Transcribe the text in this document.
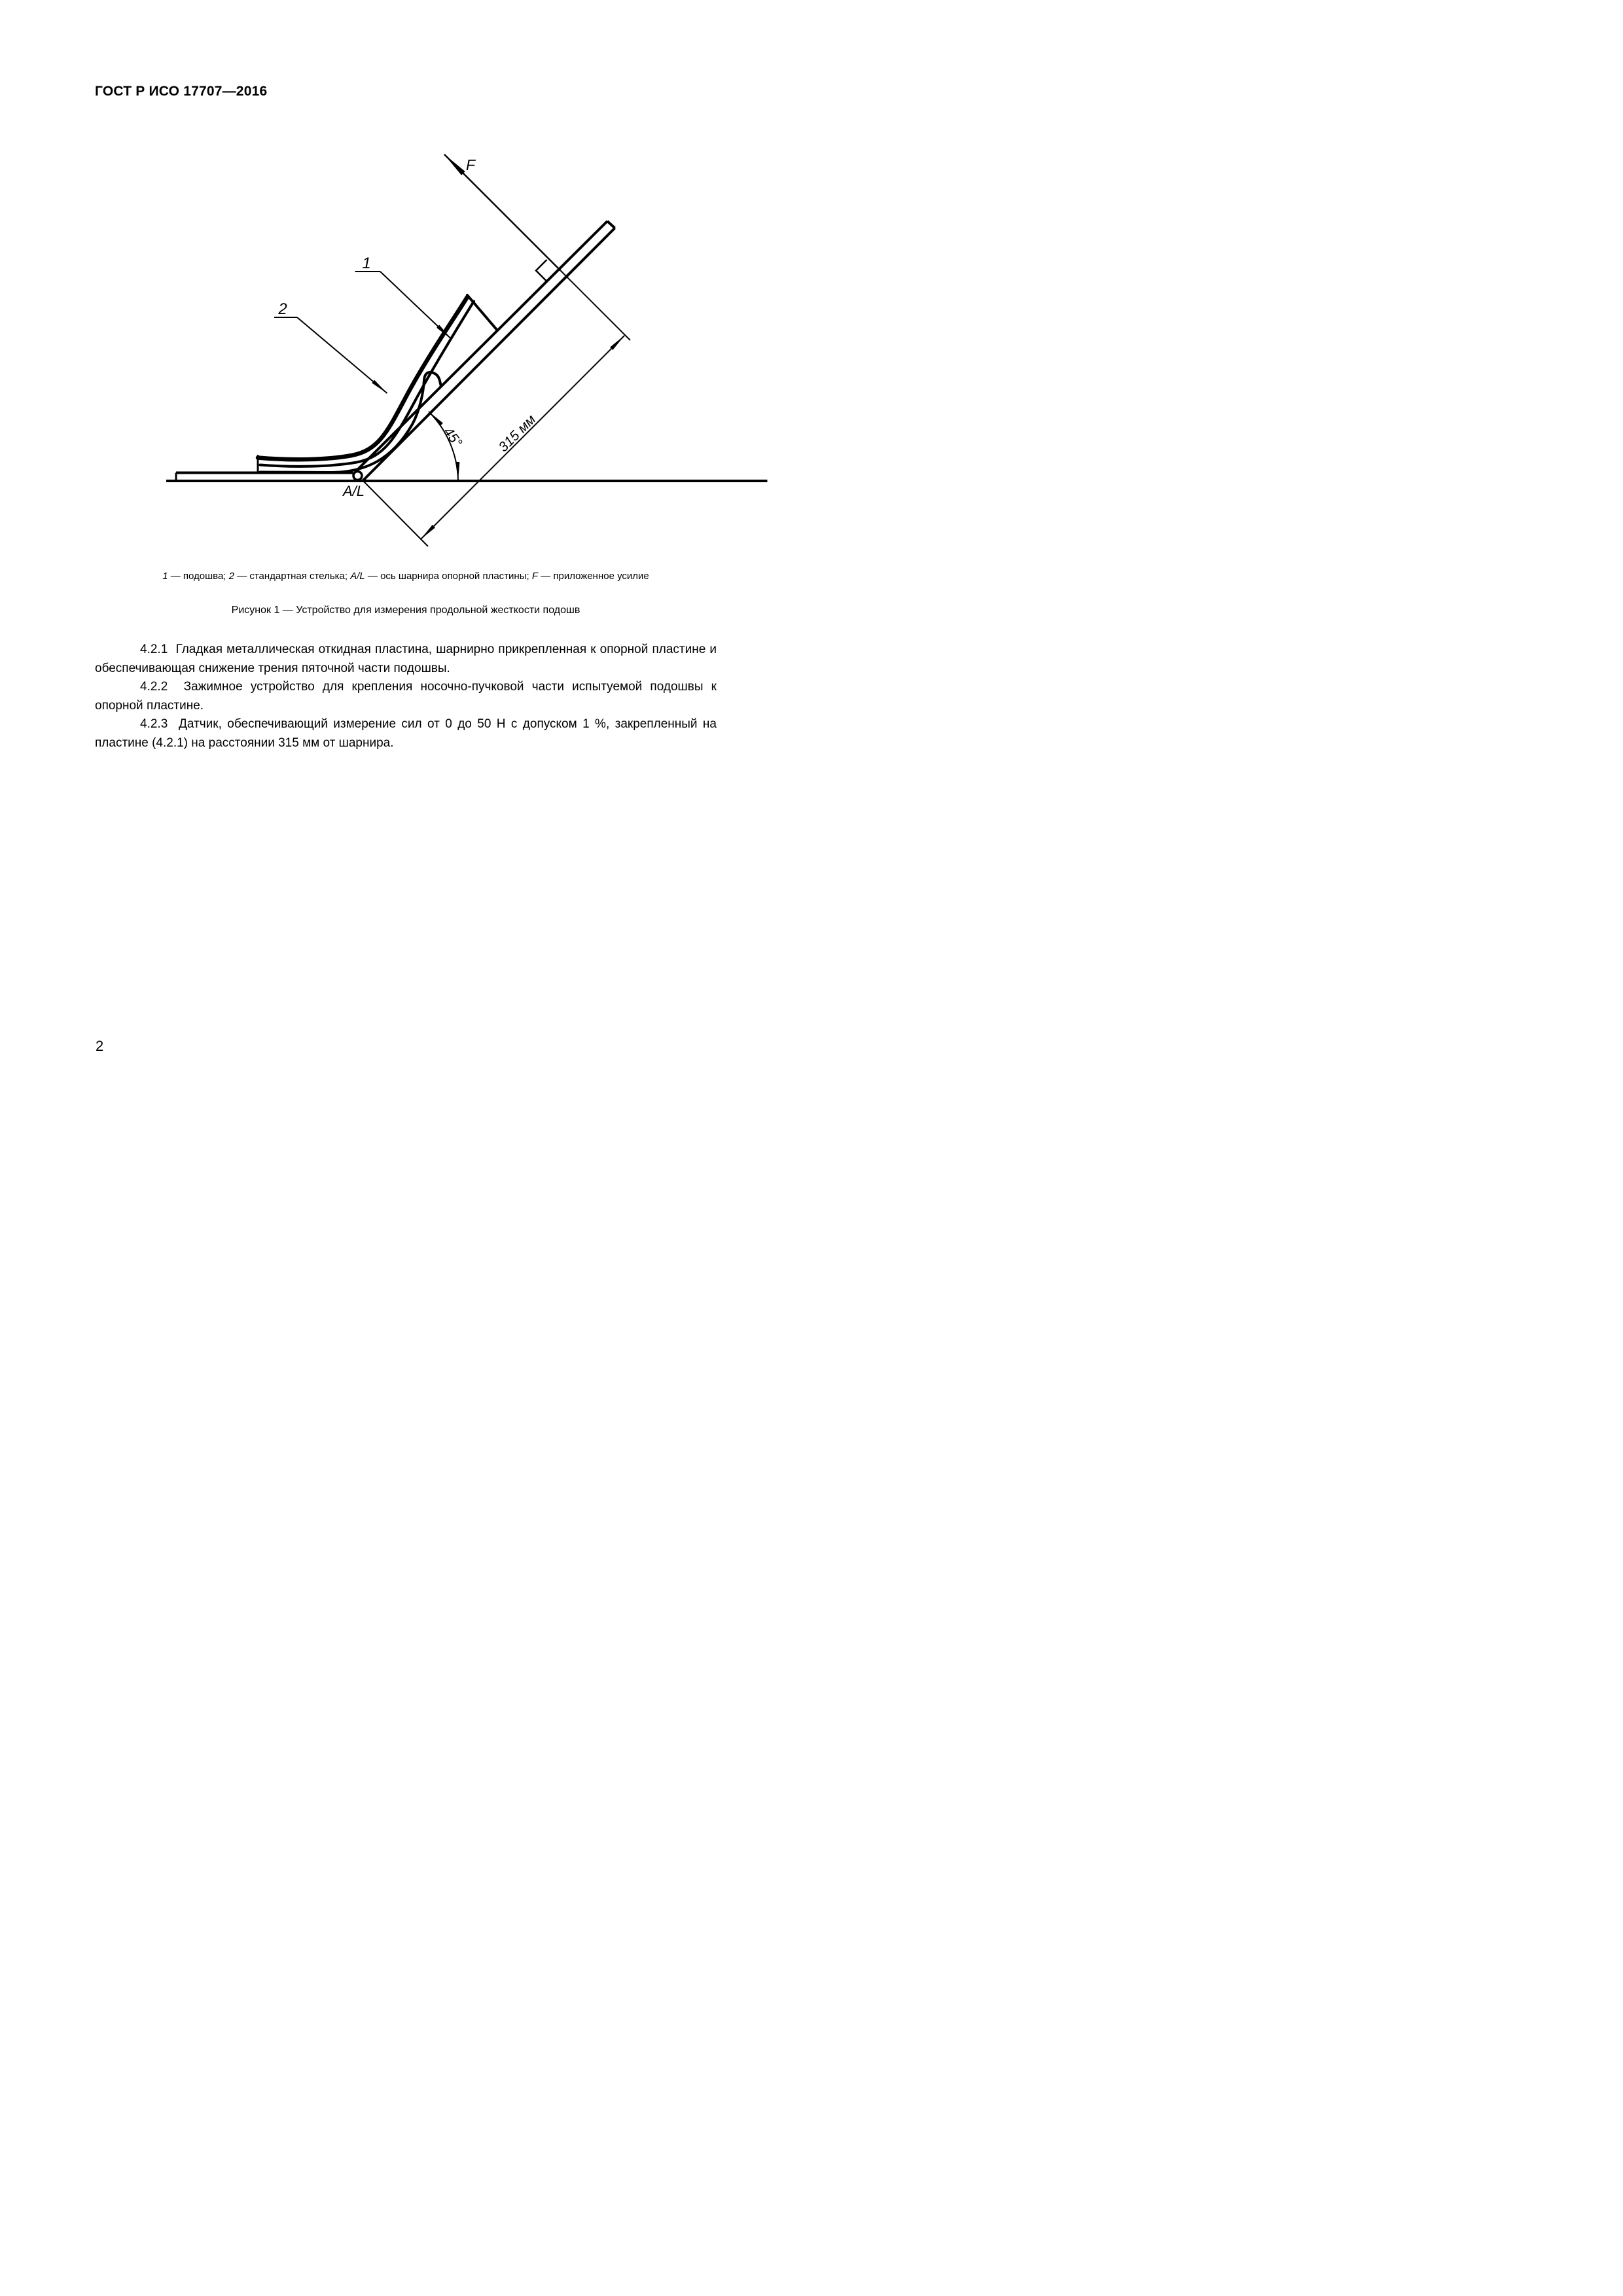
ГОСТ Р ИСО 17707—2016
1
2
A/L
F
45° 315 мм
1 — подошва; 2 — стандартная стелька; A/L — ось шарнира опорной пластины; F — приложенное усилие
Рисунок 1 — Устройство для измерения продольной жесткости подошв

4.2.1  Гладкая металлическая откидная пластина, шарнирно прикрепленная к опорной пластине и обеспечивающая снижение трения пяточной части подошвы.

4.2.2  Зажимное устройство для крепления носочно-пучковой части испытуемой подошвы к опорной пластине.

4.2.3  Датчик, обеспечивающий измерение сил от 0 до 50 Н с допуском 1 %, закрепленный на пластине (4.2.1) на расстоянии 315 мм от шарнира.

2
